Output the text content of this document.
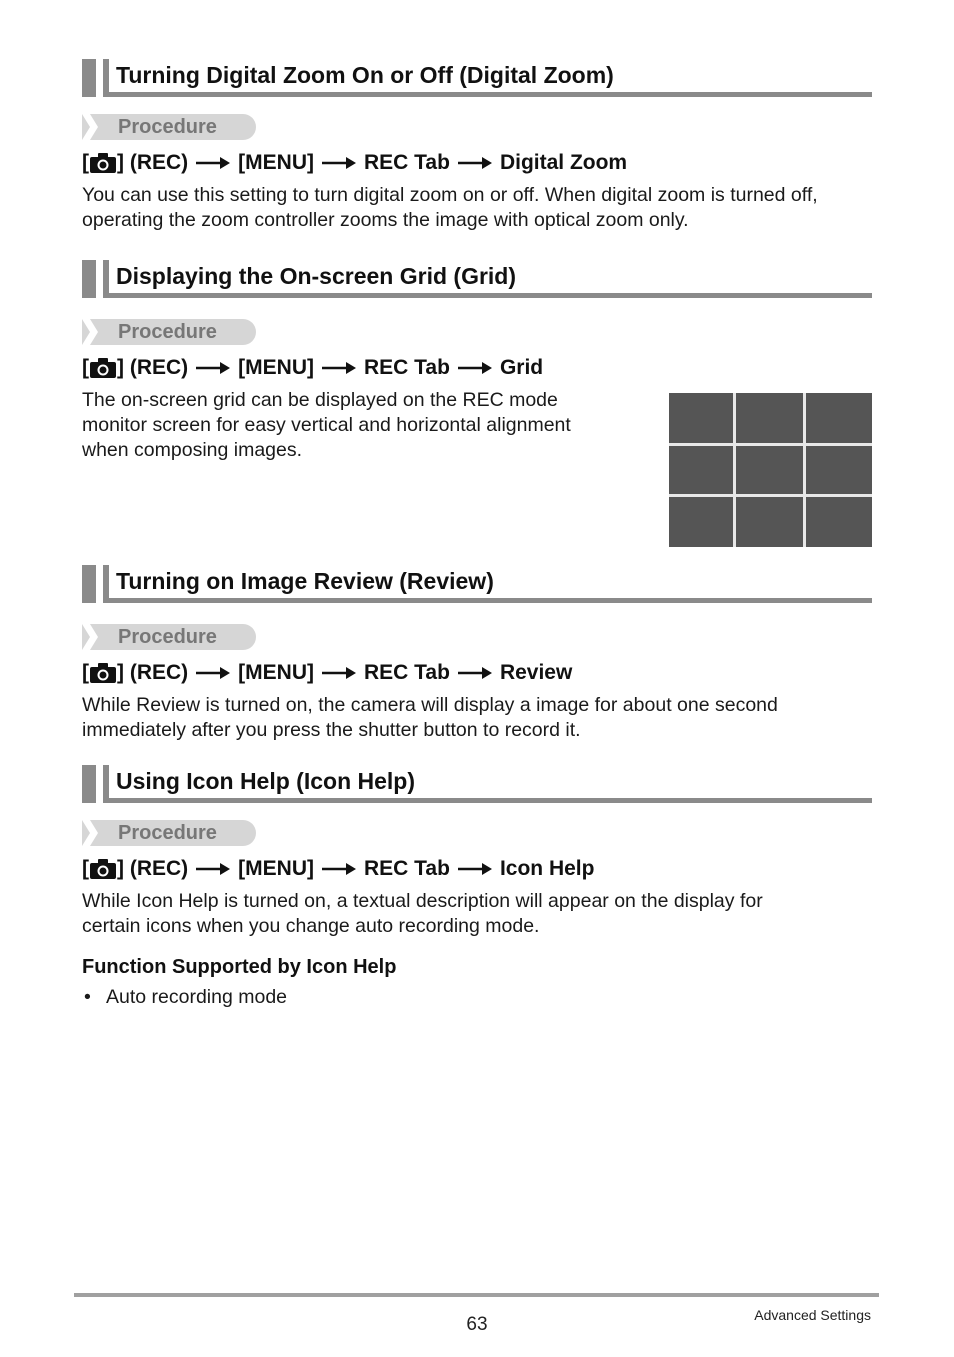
Turning Digital Zoom On or Off (Digital Zoom)
Procedure
[ ] (REC) [MENU] REC Tab Digital Zoom
You can use this setting to turn digital zoom on or off. When digital zoom is turned off,
operating the zoom controller zooms the image with optical zoom only.
Displaying the On-screen Grid (Grid)
Procedure
[ ] (REC) [MENU] REC Tab Grid
The on-screen grid can be displayed on the REC mode
monitor screen for easy vertical and horizontal alignment
when composing images.
Turning on Image Review (Review)
Procedure
[ ] (REC) [MENU] REC Tab Review
While Review is turned on, the camera will display a image for about one second
immediately after you press the shutter button to record it.
Using Icon Help (Icon Help)
Procedure
[ ] (REC) [MENU] REC Tab Icon Help
While Icon Help is turned on, a textual description will appear on the display for
certain icons when you change auto recording mode.
Function Supported by Icon Help
• Auto recording mode
63	Advanced Settings
